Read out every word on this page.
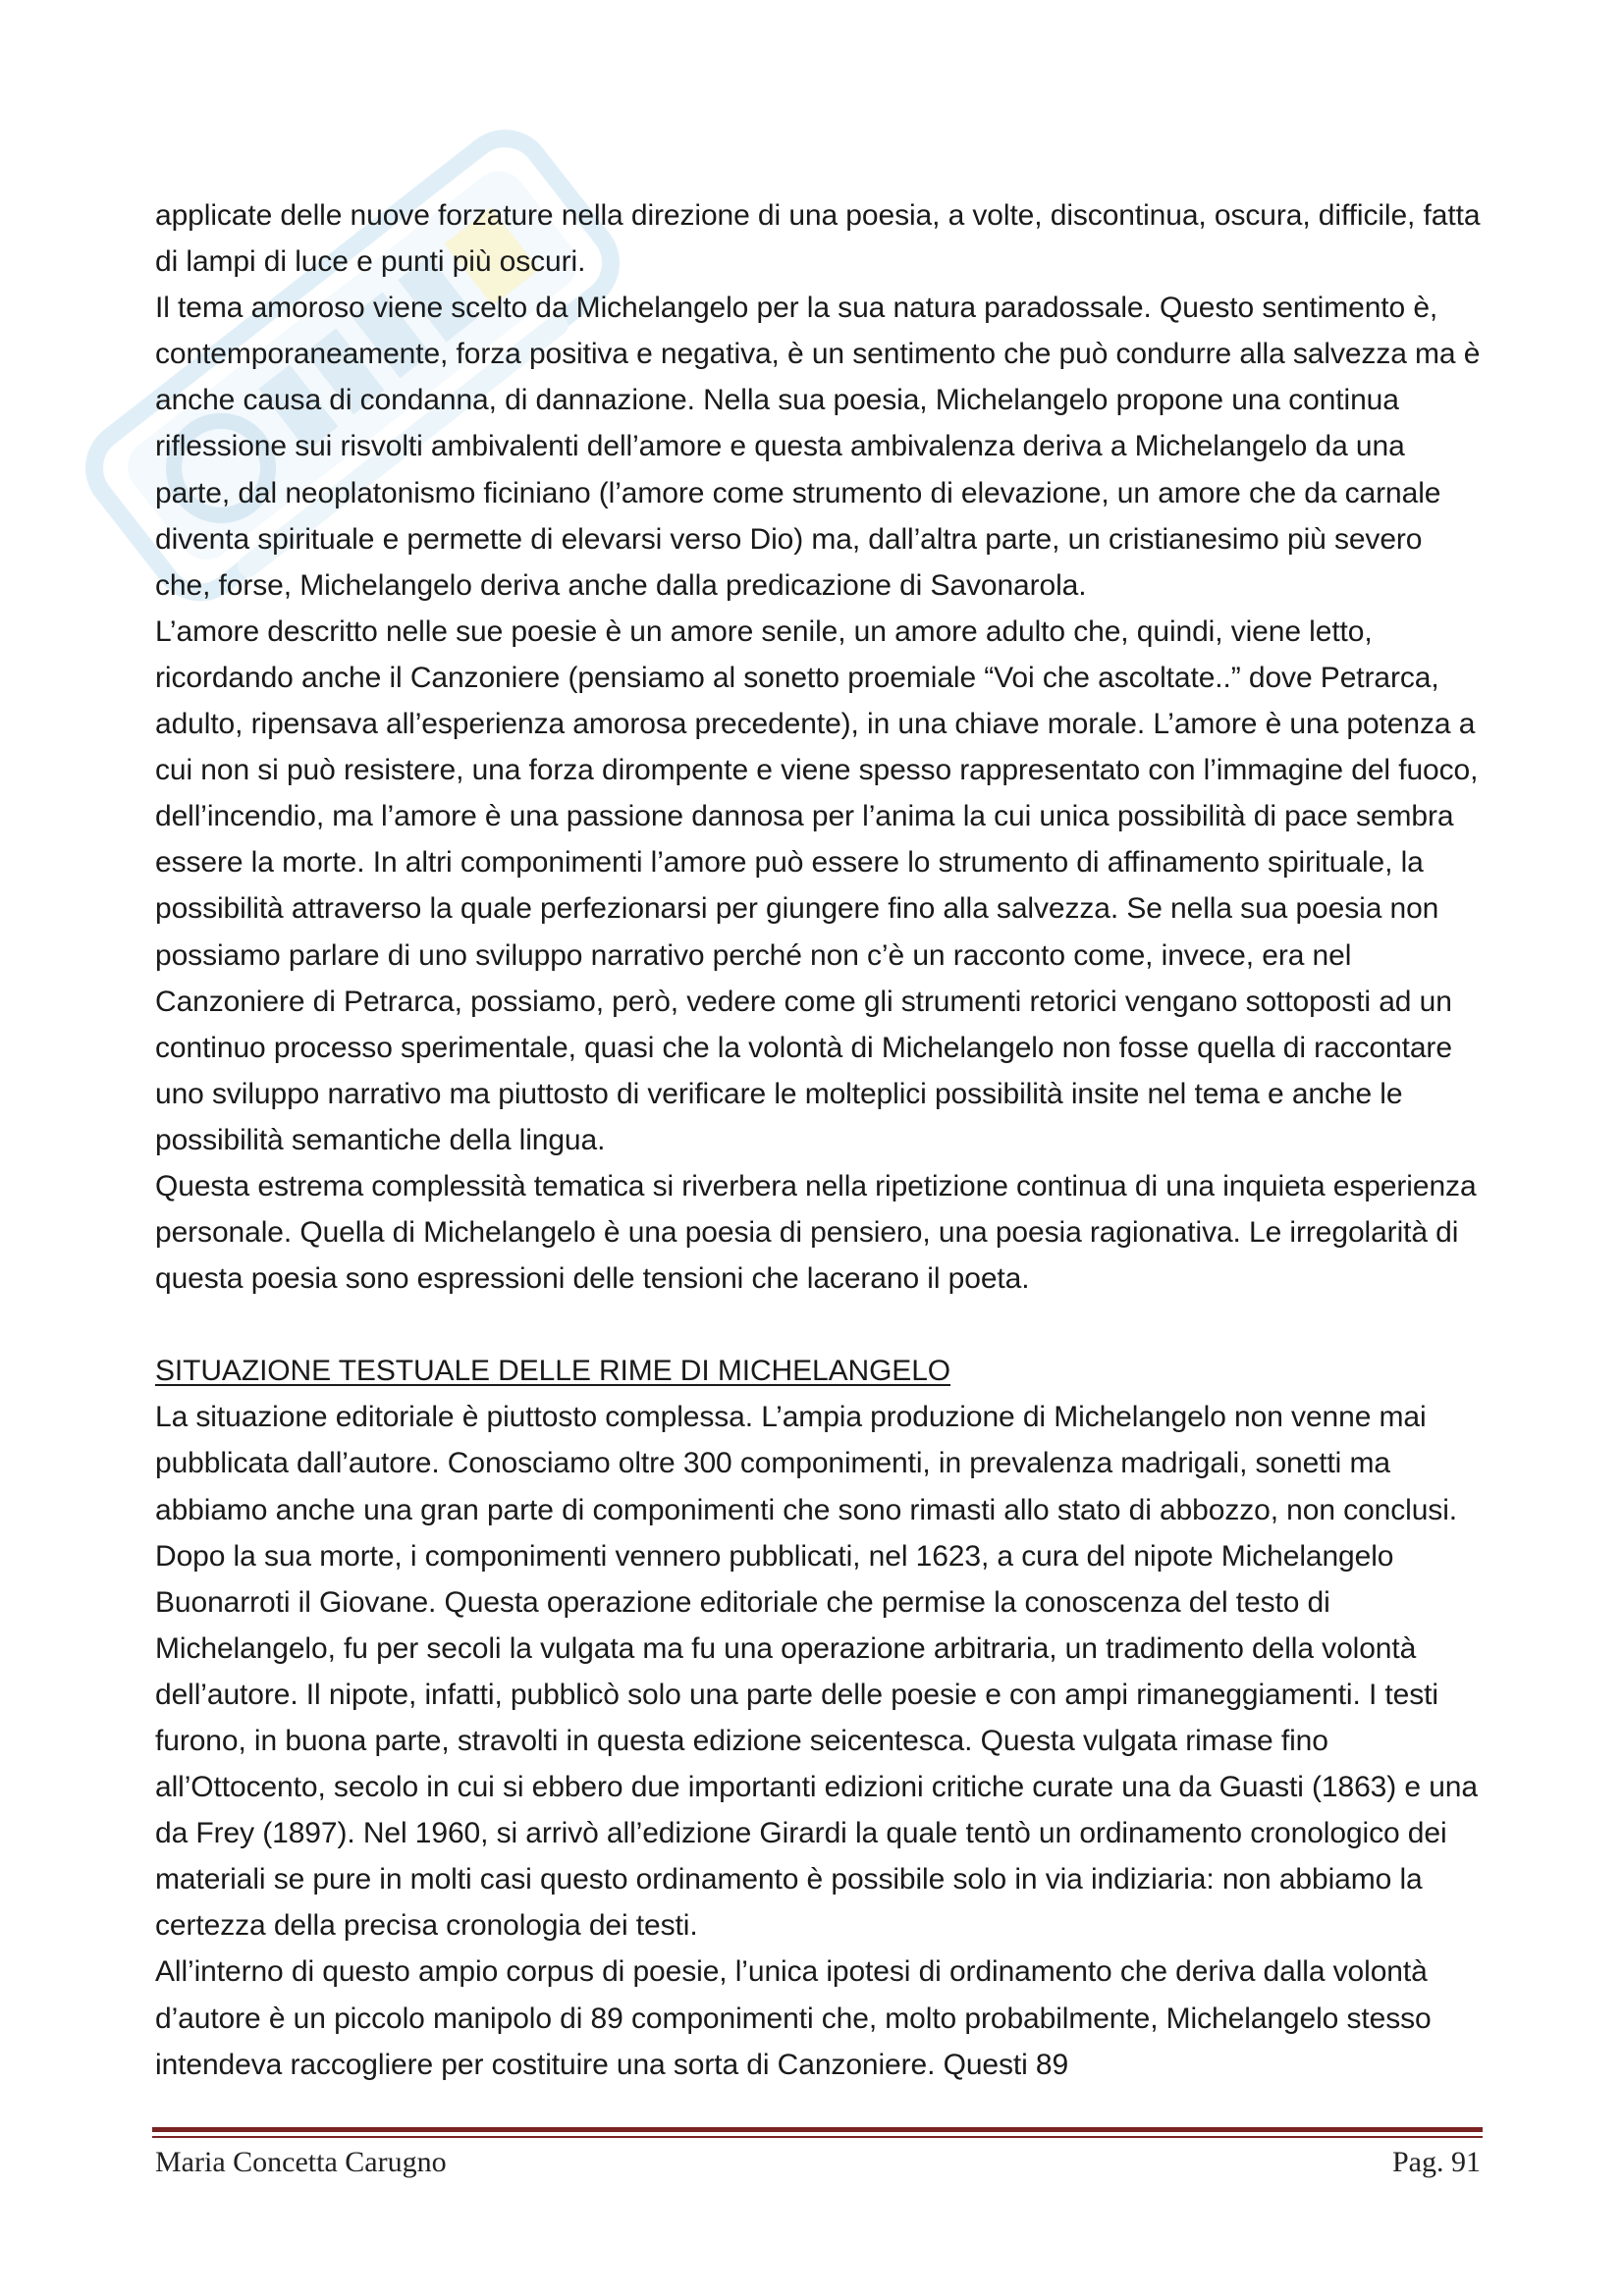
applicate delle nuove forzature nella direzione di una poesia, a volte, discontinua, oscura, difficile, fatta di lampi di luce e punti più oscuri.

Il tema amoroso viene scelto da Michelangelo per la sua natura paradossale. Questo sentimento è, contemporaneamente, forza positiva e negativa, è un sentimento che può condurre alla salvezza ma è anche causa di condanna, di dannazione. Nella sua poesia, Michelangelo propone una continua riflessione sui risvolti ambivalenti dell’amore e questa ambivalenza deriva a Michelangelo da una parte, dal neoplatonismo ficiniano (l’amore come strumento di elevazione, un amore che da carnale diventa spirituale e permette di elevarsi verso Dio) ma, dall’altra parte, un cristianesimo più severo che, forse, Michelangelo deriva anche dalla predicazione di Savonarola.

L’amore descritto nelle sue poesie è un amore senile, un amore adulto che, quindi, viene letto, ricordando anche il Canzoniere (pensiamo al sonetto proemiale “Voi che ascoltate..” dove Petrarca, adulto, ripensava all’esperienza amorosa precedente), in una chiave morale. L’amore è una potenza a cui non si può resistere, una forza dirompente e viene spesso rappresentato con l’immagine del fuoco, dell’incendio, ma l’amore è una passione dannosa per l’anima la cui unica possibilità di pace sembra essere la morte. In altri componimenti l’amore può essere lo strumento di affinamento spirituale, la possibilità attraverso la quale perfezionarsi per giungere fino alla salvezza. Se nella sua poesia non possiamo parlare di uno sviluppo narrativo perché non c’è un racconto come, invece, era nel Canzoniere di Petrarca, possiamo, però, vedere come gli strumenti retorici vengano sottoposti ad un continuo processo sperimentale, quasi che la volontà di Michelangelo non fosse quella di raccontare uno sviluppo narrativo ma piuttosto di verificare le molteplici possibilità insite nel tema e anche le possibilità semantiche della lingua.

Questa estrema complessità tematica si riverbera nella ripetizione continua di una inquieta esperienza personale. Quella di Michelangelo è una poesia di pensiero, una poesia ragionativa. Le irregolarità di questa poesia sono espressioni delle tensioni che lacerano il poeta.

SITUAZIONE TESTUALE DELLE RIME DI MICHELANGELO

La situazione editoriale è piuttosto complessa. L’ampia produzione di Michelangelo non venne mai pubblicata dall’autore. Conosciamo oltre 300 componimenti, in prevalenza madrigali, sonetti ma abbiamo anche una gran parte di componimenti che sono rimasti allo stato di abbozzo, non conclusi. Dopo la sua morte, i componimenti vennero pubblicati, nel 1623, a cura del nipote Michelangelo Buonarroti il Giovane. Questa operazione editoriale che permise la conoscenza del testo di Michelangelo, fu per secoli la vulgata ma fu una operazione arbitraria, un tradimento della volontà dell’autore. Il nipote, infatti, pubblicò solo una parte delle poesie e con ampi rimaneggiamenti. I testi furono, in buona parte, stravolti in questa edizione seicentesca. Questa vulgata rimase fino all’Ottocento, secolo in cui si ebbero due importanti edizioni critiche curate una da Guasti (1863) e una da Frey (1897). Nel 1960, si arrivò all’edizione Girardi la quale tentò un ordinamento cronologico dei materiali se pure in molti casi questo ordinamento è possibile solo in via indiziaria: non abbiamo la certezza della precisa cronologia dei testi.

All’interno di questo ampio corpus di poesie, l’unica ipotesi di ordinamento che deriva dalla volontà d’autore è un piccolo manipolo di 89 componimenti che, molto probabilmente, Michelangelo stesso intendeva raccogliere per costituire una sorta di Canzoniere. Questi 89

Maria Concetta Carugno	Pag. 91
